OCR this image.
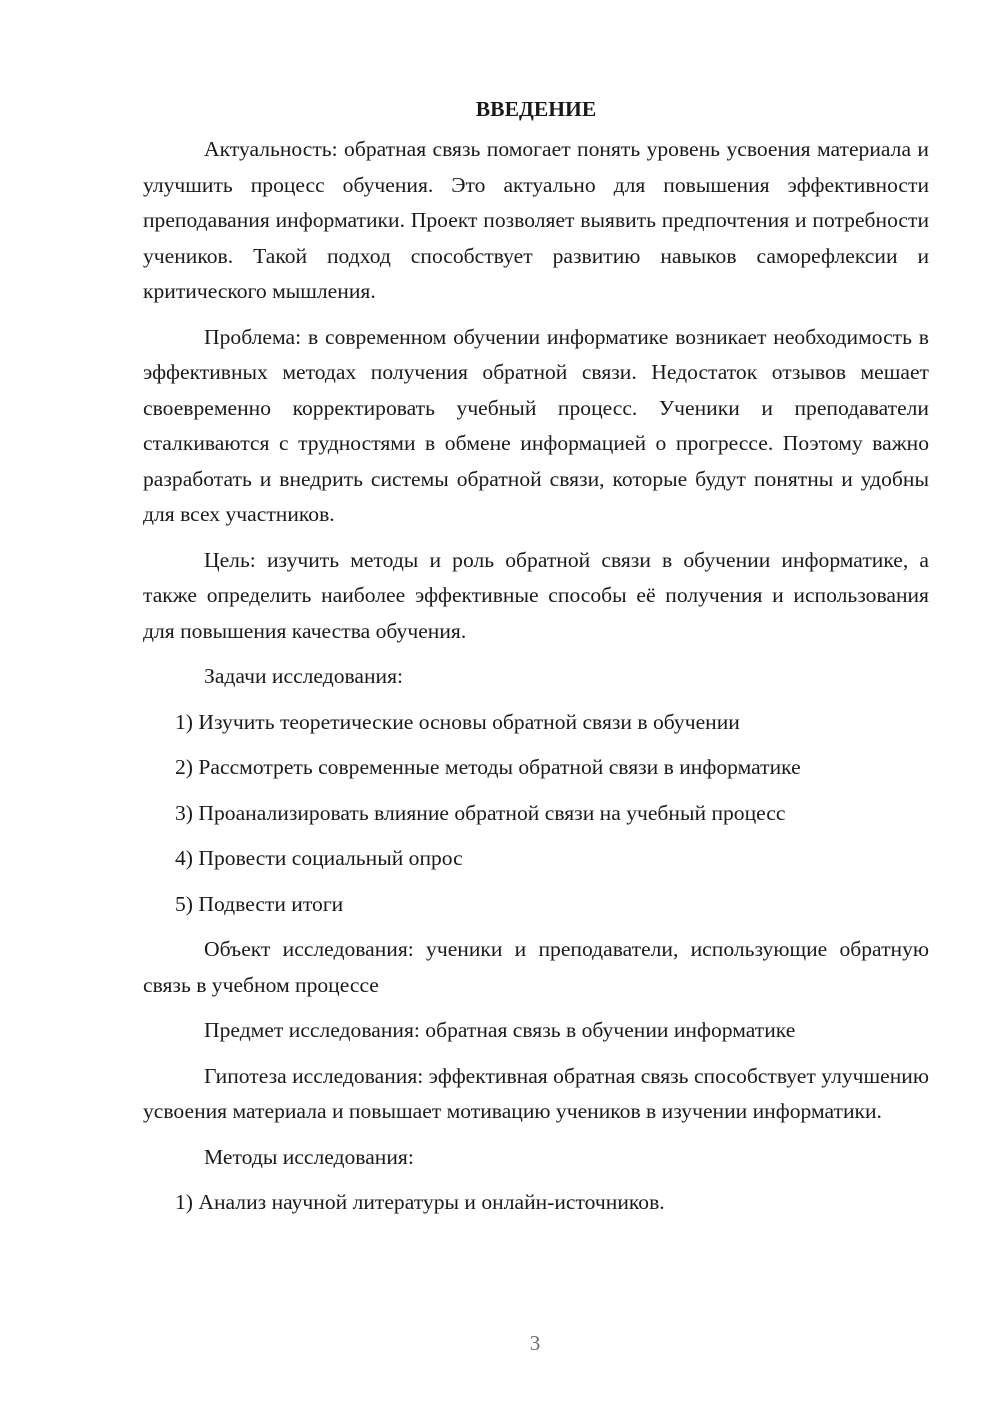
ВВЕДЕНИЕ

Актуальность: обратная связь помогает понять уровень усвоения материала и улучшить процесс обучения. Это актуально для повышения эффективности преподавания информатики. Проект позволяет выявить предпочтения и потребности учеников. Такой подход способствует развитию навыков саморефлексии и критического мышления.

Проблема: в современном обучении информатике возникает необходимость в эффективных методах получения обратной связи. Недостаток отзывов мешает своевременно корректировать учебный процесс. Ученики и преподаватели сталкиваются с трудностями в обмене информацией о прогрессе. Поэтому важно разработать и внедрить системы обратной связи, которые будут понятны и удобны для всех участников.

Цель: изучить методы и роль обратной связи в обучении информатике, а также определить наиболее эффективные способы её получения и использования для повышения качества обучения.

Задачи исследования:

1) Изучить теоретические основы обратной связи в обучении

2) Рассмотреть современные методы обратной связи в информатике

3) Проанализировать влияние обратной связи на учебный процесс

4) Провести социальный опрос

5) Подвести итоги

Объект исследования: ученики и преподаватели, использующие обратную связь в учебном процессе

Предмет исследования: обратная связь в обучении информатике

Гипотеза исследования: эффективная обратная связь способствует улучшению усвоения материала и повышает мотивацию учеников в изучении информатики.

Методы исследования:

1) Анализ научной литературы и онлайн-источников.

3
